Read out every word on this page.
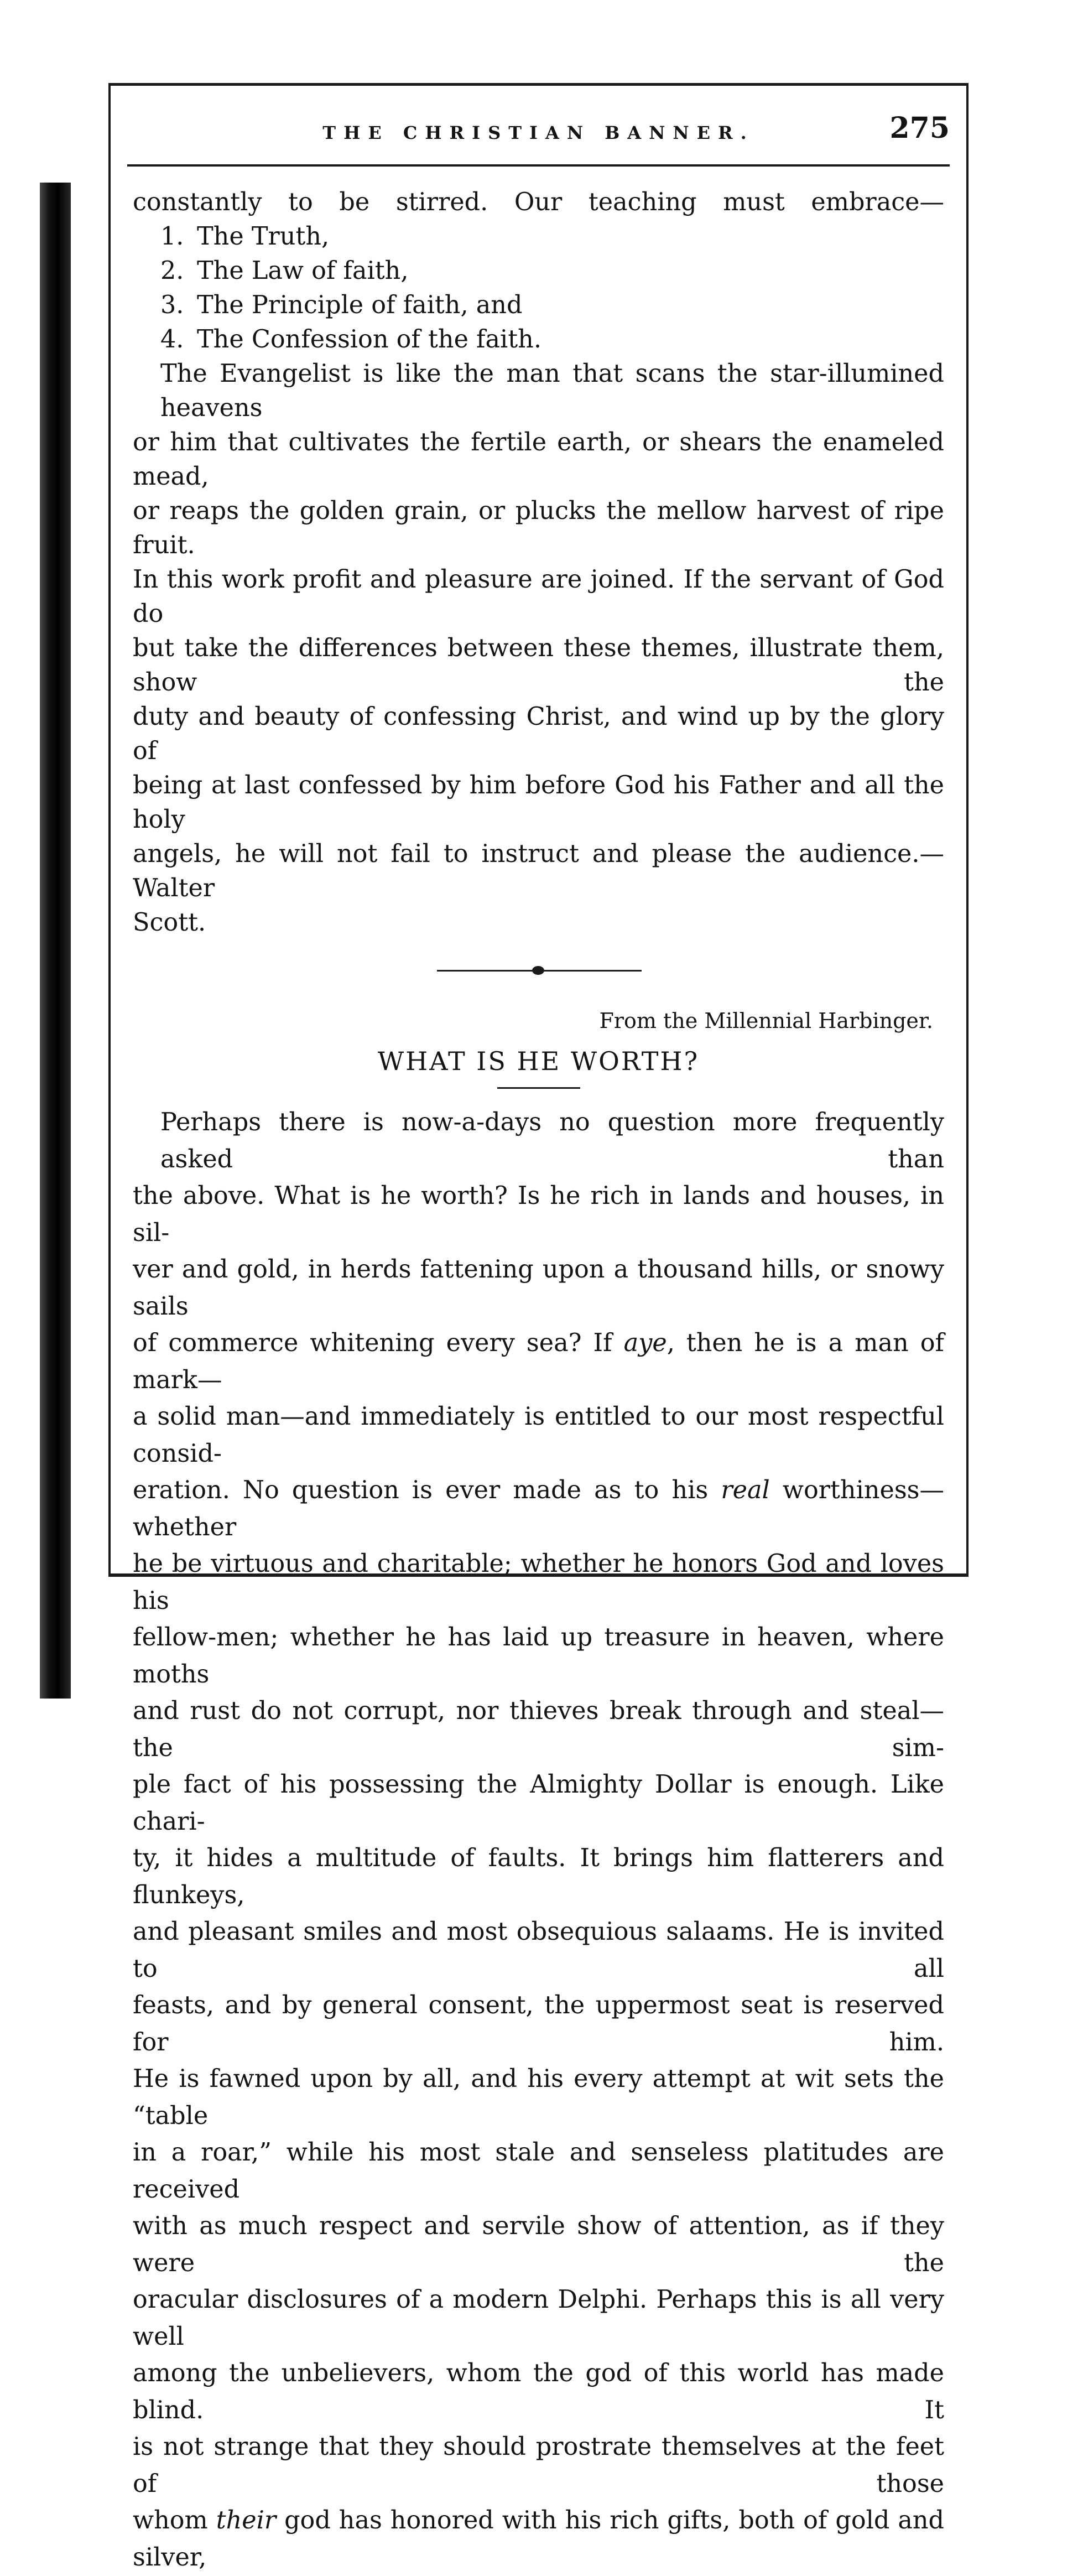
THE CHRISTIAN BANNER.	275
constantly to be stirred. Our teaching must embrace—
1. The Truth,
2. The Law of faith,
3. The Principle of faith, and
4. The Confession of the faith.
The Evangelist is like the man that scans the star-illumined heavens
or him that cultivates the fertile earth, or shears the enameled mead,
or reaps the golden grain, or plucks the mellow harvest of ripe fruit.
In this work profit and pleasure are joined. If the servant of God do
but take the differences between these themes, illustrate them, show the
duty and beauty of confessing Christ, and wind up by the glory of
being at last confessed by him before God his Father and all the holy
angels, he will not fail to instruct and please the audience.—Walter
Scott.
From the Millennial Harbinger.
WHAT IS HE WORTH?
Perhaps there is now-a-days no question more frequently asked than
the above. What is he worth? Is he rich in lands and houses, in sil-
ver and gold, in herds fattening upon a thousand hills, or snowy sails
of commerce whitening every sea? If aye, then he is a man of mark—
a solid man—and immediately is entitled to our most respectful consid-
eration. No question is ever made as to his real worthiness—whether
he be virtuous and charitable; whether he honors God and loves his
fellow-men; whether he has laid up treasure in heaven, where moths
and rust do not corrupt, nor thieves break through and steal—the sim-
ple fact of his possessing the Almighty Dollar is enough. Like chari-
ty, it hides a multitude of faults. It brings him flatterers and flunkeys,
and pleasant smiles and most obsequious salaams. He is invited to all
feasts, and by general consent, the uppermost seat is reserved for him.
He is fawned upon by all, and his every attempt at wit sets the “table
in a roar,” while his most stale and senseless platitudes are received
with as much respect and servile show of attention, as if they were the
oracular disclosures of a modern Delphi. Perhaps this is all very well
among the unbelievers, whom the god of this world has made blind. It
is not strange that they should prostrate themselves at the feet of those
whom their god has honored with his rich gifts, both of gold and silver,
